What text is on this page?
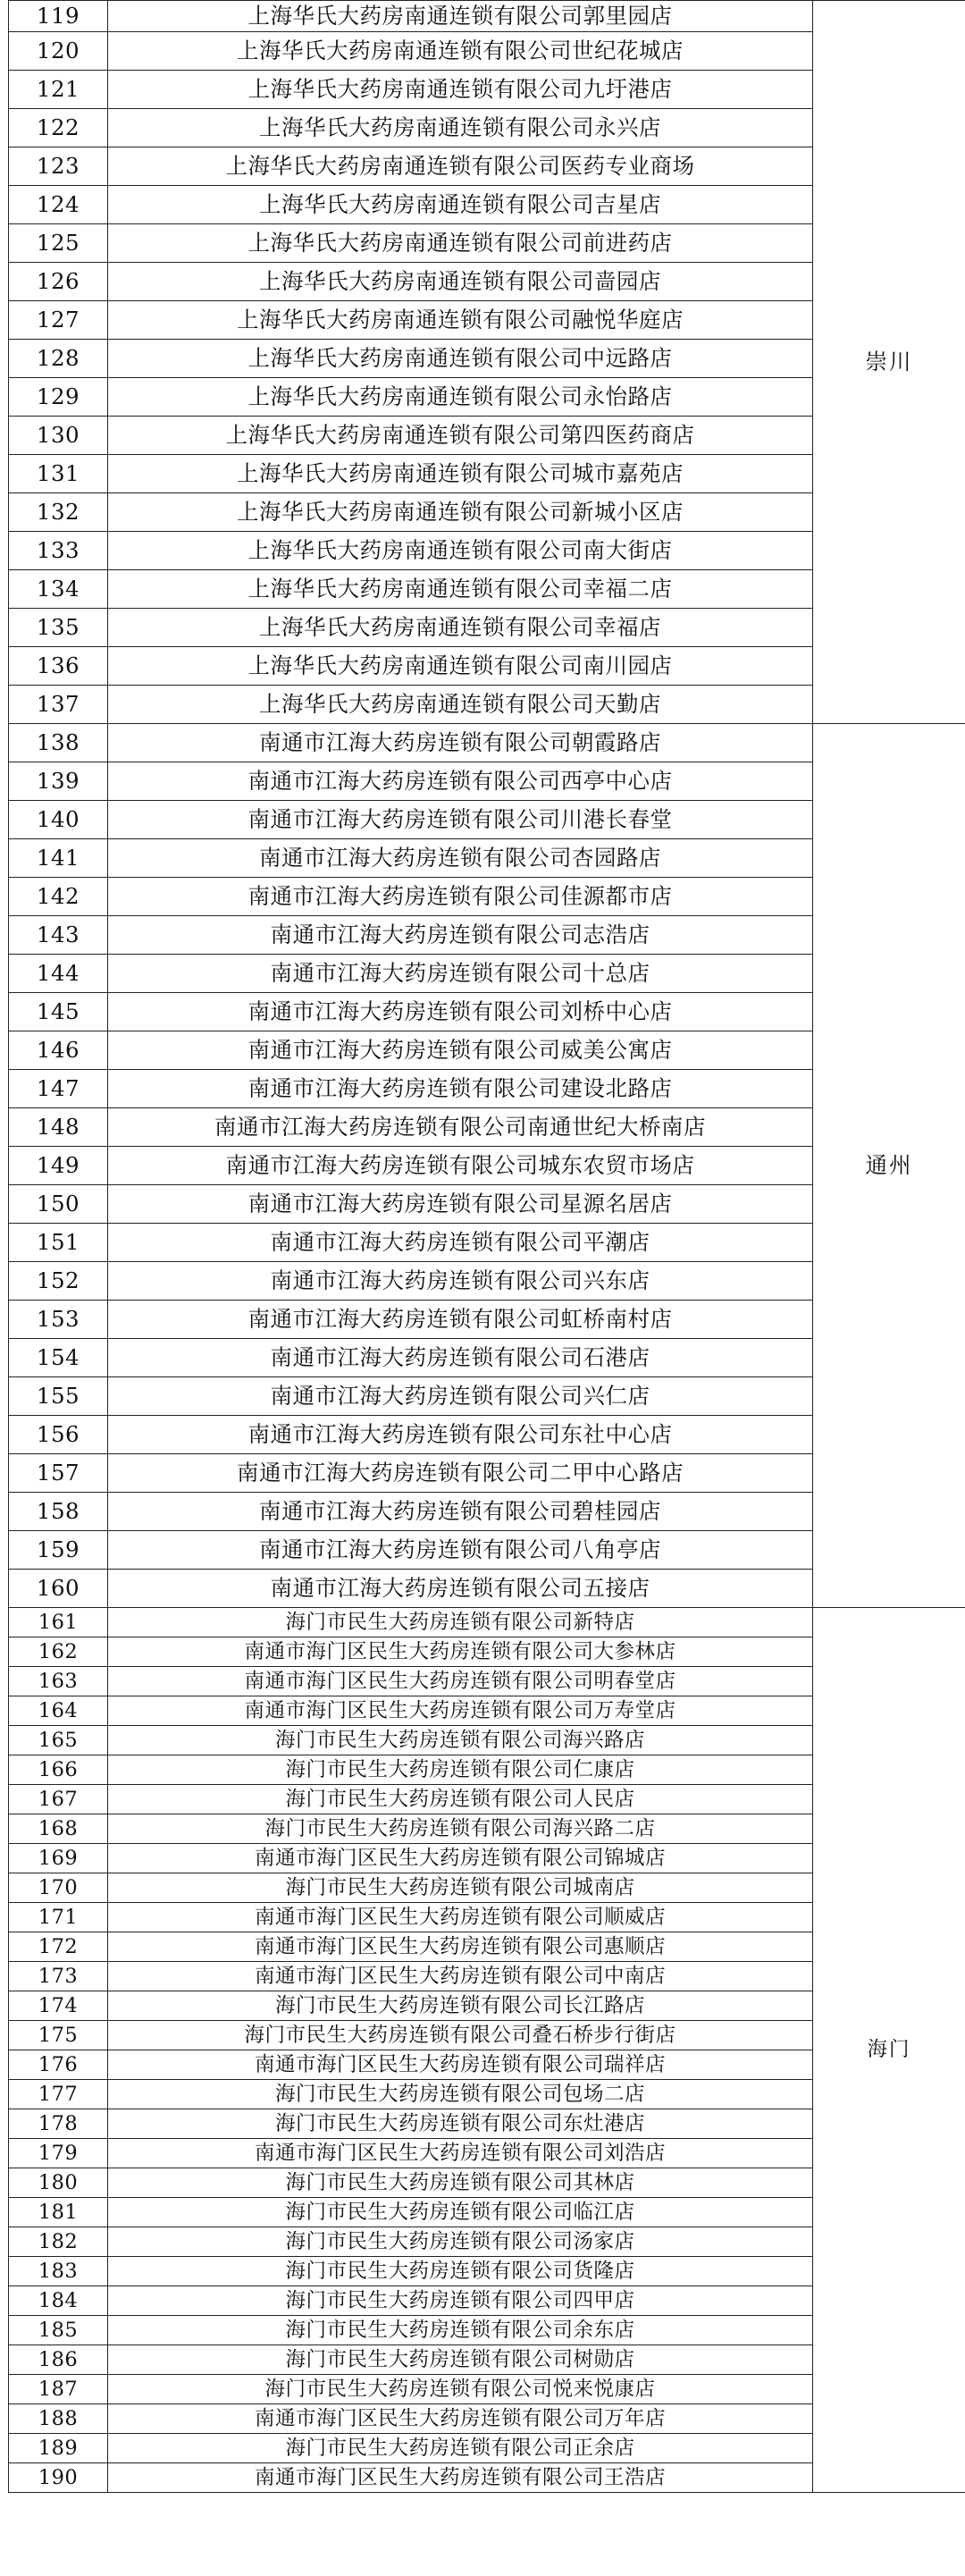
119	上海华氏大药房南通连锁有限公司郭里园店	崇川
120	上海华氏大药房南通连锁有限公司世纪花城店	
121	上海华氏大药房南通连锁有限公司九圩港店	
122	上海华氏大药房南通连锁有限公司永兴店	
123	上海华氏大药房南通连锁有限公司医药专业商场	
124	上海华氏大药房南通连锁有限公司吉星店	
125	上海华氏大药房南通连锁有限公司前进药店	
126	上海华氏大药房南通连锁有限公司啬园店	
127	上海华氏大药房南通连锁有限公司融悦华庭店	
128	上海华氏大药房南通连锁有限公司中远路店	
129	上海华氏大药房南通连锁有限公司永怡路店	
130	上海华氏大药房南通连锁有限公司第四医药商店	
131	上海华氏大药房南通连锁有限公司城市嘉苑店	
132	上海华氏大药房南通连锁有限公司新城小区店	
133	上海华氏大药房南通连锁有限公司南大街店	
134	上海华氏大药房南通连锁有限公司幸福二店	
135	上海华氏大药房南通连锁有限公司幸福店	
136	上海华氏大药房南通连锁有限公司南川园店	
137	上海华氏大药房南通连锁有限公司天勤店	
138	南通市江海大药房连锁有限公司朝霞路店	通州
139	南通市江海大药房连锁有限公司西亭中心店	
140	南通市江海大药房连锁有限公司川港长春堂	
141	南通市江海大药房连锁有限公司杏园路店	
142	南通市江海大药房连锁有限公司佳源都市店	
143	南通市江海大药房连锁有限公司志浩店	
144	南通市江海大药房连锁有限公司十总店	
145	南通市江海大药房连锁有限公司刘桥中心店	
146	南通市江海大药房连锁有限公司威美公寓店	
147	南通市江海大药房连锁有限公司建设北路店	
148	南通市江海大药房连锁有限公司南通世纪大桥南店	
149	南通市江海大药房连锁有限公司城东农贸市场店	
150	南通市江海大药房连锁有限公司星源名居店	
151	南通市江海大药房连锁有限公司平潮店	
152	南通市江海大药房连锁有限公司兴东店	
153	南通市江海大药房连锁有限公司虹桥南村店	
154	南通市江海大药房连锁有限公司石港店	
155	南通市江海大药房连锁有限公司兴仁店	
156	南通市江海大药房连锁有限公司东社中心店	
157	南通市江海大药房连锁有限公司二甲中心路店	
158	南通市江海大药房连锁有限公司碧桂园店	
159	南通市江海大药房连锁有限公司八角亭店	
160	南通市江海大药房连锁有限公司五接店	
161	海门市民生大药房连锁有限公司新特店	海门
162	南通市海门区民生大药房连锁有限公司大参林店	
163	南通市海门区民生大药房连锁有限公司明春堂店	
164	南通市海门区民生大药房连锁有限公司万寿堂店	
165	海门市民生大药房连锁有限公司海兴路店	
166	海门市民生大药房连锁有限公司仁康店	
167	海门市民生大药房连锁有限公司人民店	
168	海门市民生大药房连锁有限公司海兴路二店	
169	南通市海门区民生大药房连锁有限公司锦城店	
170	海门市民生大药房连锁有限公司城南店	
171	南通市海门区民生大药房连锁有限公司顺威店	
172	南通市海门区民生大药房连锁有限公司惠顺店	
173	南通市海门区民生大药房连锁有限公司中南店	
174	海门市民生大药房连锁有限公司长江路店	
175	海门市民生大药房连锁有限公司叠石桥步行街店	
176	南通市海门区民生大药房连锁有限公司瑞祥店	
177	海门市民生大药房连锁有限公司包场二店	
178	海门市民生大药房连锁有限公司东灶港店	
179	南通市海门区民生大药房连锁有限公司刘浩店	
180	海门市民生大药房连锁有限公司其林店	
181	海门市民生大药房连锁有限公司临江店	
182	海门市民生大药房连锁有限公司汤家店	
183	海门市民生大药房连锁有限公司货隆店	
184	海门市民生大药房连锁有限公司四甲店	
185	海门市民生大药房连锁有限公司余东店	
186	海门市民生大药房连锁有限公司树勋店	
187	海门市民生大药房连锁有限公司悦来悦康店	
188	南通市海门区民生大药房连锁有限公司万年店	
189	海门市民生大药房连锁有限公司正余店	
190	南通市海门区民生大药房连锁有限公司王浩店	
